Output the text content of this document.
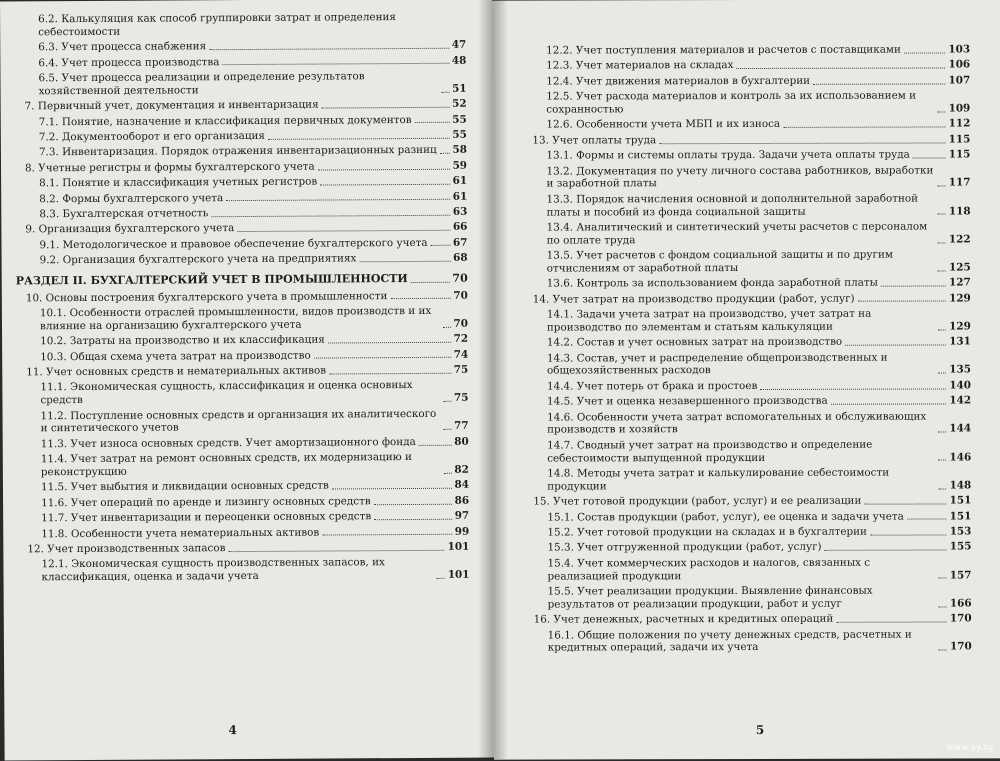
6.2. Калькуляция как способ группировки затрат и определения себестоимости
6.3. Учет процесса снабжения	47
6.4. Учет процесса производства	48
6.5. Учет процесса реализации и определение результатов хозяйственной деятельности	51
7. Первичный учет, документация и инвентаризация	52
7.1. Понятие, назначение и классификация первичных документов	55
7.2. Документооборот и его организация	55
7.3. Инвентаризация. Порядок отражения инвентаризационных разниц 58
8. Учетные регистры и формы бухгалтерского учета	59
8.1. Понятие и классификация учетных регистров	61
8.2. Формы бухгалтерского учета	61
8.3. Бухгалтерская отчетность	63
9. Организация бухгалтерского учета	66
9.1. Методологическое и правовое обеспечение бухгалтерского учета 67
9.2. Организация бухгалтерского учета на предприятиях	68
РАЗДЕЛ II. БУХГАЛТЕРСКИЙ УЧЕТ В ПРОМЫШЛЕННОСТИ	70
10. Основы построения бухгалтерского учета в промышленности	70
10.1. Особенности отраслей промышленности, видов производств и их влияние на организацию бухгалтерского учета	70
10.2. Затраты на производство и их классификация	72
10.3. Общая схема учета затрат на производство	74
11. Учет основных средств и нематериальных активов	75
11.1. Экономическая сущность, классификация и оценка основных средств	75
11.2. Поступление основных средств и организация их аналитического и синтетического учетов	77
11.3. Учет износа основных средств. Учет амортизационного фонда	80
11.4. Учет затрат на ремонт основных средств, их модернизацию и реконструкцию	82
11.5. Учет выбытия и ликвидации основных средств	84
11.6. Учет операций по аренде и лизингу основных средств	86
11.7. Учет инвентаризации и переоценки основных средств	97
11.8. Особенности учета нематериальных активов	99
12. Учет производственных запасов	101
12.1. Экономическая сущность производственных запасов, их классификация, оценка и задачи учета	101
4
12.2. Учет поступления материалов и расчетов с поставщиками	103
12.3. Учет материалов на складах	106
12.4. Учет движения материалов в бухгалтерии	107
12.5. Учет расхода материалов и контроль за их использованием и сохранностью	109
12.6. Особенности учета МБП и их износа	112
13. Учет оплаты труда	115
13.1. Формы и системы оплаты труда. Задачи учета оплаты труда	115
13.2. Документация по учету личного состава работников, выработки и заработной платы	117
13.3. Порядок начисления основной и дополнительной заработной платы и пособий из фонда социальной защиты	118
13.4. Аналитический и синтетический учеты расчетов с персоналом по оплате труда	122
13.5. Учет расчетов с фондом социальной защиты и по другим отчислениям от заработной платы	125
13.6. Контроль за использованием фонда заработной платы	127
14. Учет затрат на производство продукции (работ, услуг)	129
14.1. Задачи учета затрат на производство, учет затрат на производство по элементам и статьям калькуляции	129
14.2. Состав и учет основных затрат на производство	131
14.3. Состав, учет и распределение общепроизводственных и общехозяйственных расходов	135
14.4. Учет потерь от брака и простоев	140
14.5. Учет и оценка незавершенного производства	142
14.6. Особенности учета затрат вспомогательных и обслуживающих производств и хозяйств	144
14.7. Сводный учет затрат на производство и определение себестоимости выпущенной продукции	146
14.8. Методы учета затрат и калькулирование себестоимости продукции	148
15. Учет готовой продукции (работ, услуг) и ее реализации	151
15.1. Состав продукции (работ, услуг), ее оценка и задачи учета	151
15.2. Учет готовой продукции на складах и в бухгалтерии	153
15.3. Учет отгруженной продукции (работ, услуг)	155
15.4. Учет коммерческих расходов и налогов, связанных с реализацией продукции	157
15.5. Учет реализации продукции. Выявление финансовых результатов от реализации продукции, работ и услуг	166
16. Учет денежных, расчетных и кредитных операций	170
16.1. Общие положения по учету денежных средств, расчетных и кредитных операций, задачи их учета	170
5
www.ay.by
